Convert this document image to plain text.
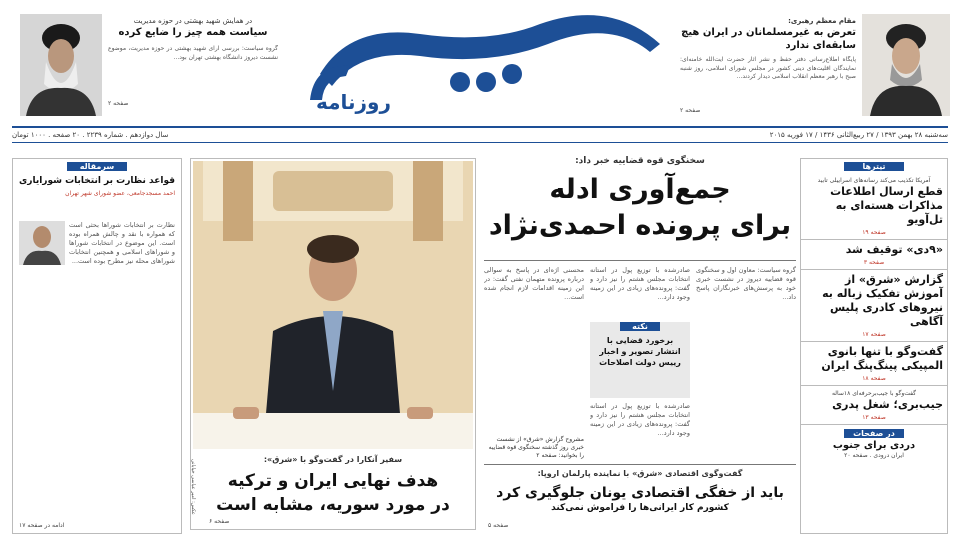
مقام معظم رهبری:
تعرض به غیرمسلمانان در ایران هیچ سابقه‌ای ندارد
پایگاه اطلاع‌رسانی دفتر حفظ و نشر آثار حضرت آیت‌الله خامنه‌ای: نمایندگان اقلیت‌های دینی کشور در مجلس شورای اسلامی، روز شنبه صبح با رهبر معظم انقلاب اسلامی دیدار کردند...
صفحه ۲
روزنامه
در همایش شهید بهشتی در حوزه مدیریت
سیاست همه چیز را ضایع کرده
گروه سیاست: بررسی آرای شهید بهشتی در حوزه مدیریت، موضوع نشست دیروز دانشگاه بهشتی تهران بود...
صفحه ۲
سه‌شنبه ۲۸ بهمن ۱۳۹۳ / ۲۷ ربیع‌الثانی ۱۴۳۶ / ۱۷ فوریه ۲۰۱۵
سال دوازدهم . شماره ۲۲۳۹ . ۲۰ صفحه . ۱۰۰۰ تومان
تیترها
آمریکا تکذیب می‌کند رسانه‌های اسراییلی تابید
قطع ارسال اطلاعات مذاکرات هسته‌ای به تل‌آویو
صفحه ۱۹
«۹دی» توقیف شد
صفحه ۳
گزارش «شرق» از آموزش تفکیک زباله به نیروهای کادری پلیس آگاهی
صفحه ۱۷
گفت‌وگو با تنها بانوی المپیکی پینگ‌پنگ ایران
صفحه ۱۸
گفت‌وگو با جیب‌برحرفه‌ای ۱۸ساله
جیب‌بری؛ شغل پدری
صفحه ۱۳
در صفحات
دردی برای جنوب
ایران درودی . صفحه ۲۰
سخنگوی قوه قضاییه خبر داد:
جمع‌آوری ادله
برای پرونده احمدی‌نژاد
گروه سیاست: معاون اول و سخنگوی قوه قضاییه دیروز در نشست خبری خود به پرسش‌های خبرنگاران پاسخ داد...
صادرشده با توزیع پول در استانه انتخابات مجلس هشتم را نیز دارد و گفت: پرونده‌های زیادی در این زمینه وجود دارد...
نکته
برخورد قضایی با انتشار تصویر و اخبار رییس دولت اصلاحات
محسنی اژه‌ای در پاسخ به سوالی درباره پرونده متهمان نفتی گفت: در این زمینه اقدامات لازم انجام شده است...
صادرشده با توزیع پول در استانه انتخابات مجلس هشتم را نیز دارد و گفت: پرونده‌های زیادی در این زمینه وجود دارد...
مشروح گزارش «شرق» از نشست خبری روز گذشته سخنگوی قوه قضاییه را بخوانید: صفحه ۲
عکس: امیر عباسی خیابانی	سفیر آنکارا در گفت‌وگو با «شرق»:
هدف نهایی ایران و ترکیه
در مورد سوریه، مشابه است
صفحه ۶
سرمقاله
قواعد نظارت بر انتخابات شورایاری
احمد مسجدجامعی، عضو شورای شهر تهران
نظارت بر انتخابات شوراها بحثی است که همواره با نقد و چالش همراه بوده است. این موضوع در انتخابات شوراها و شوراهای اسلامی و همچنین انتخابات شوراهای محله نیز مطرح بوده است...
ادامه در صفحه ۱۷
گفت‌وگوی اقتصادی «شرق» با نماینده پارلمان اروپا:
باید از خفگی اقتصادی یونان جلوگیری کرد
کشورم کار ایرانی‌ها را فراموش نمی‌کند
صفحه ۵
